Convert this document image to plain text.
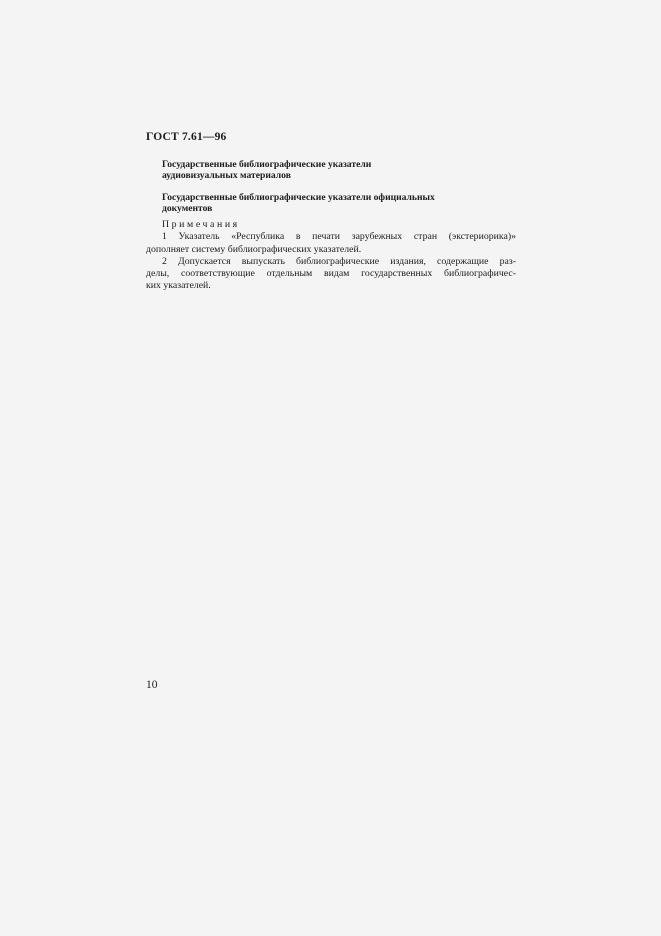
ГОСТ 7.61—96
Государственные библиографические указатели
аудиовизуальных материалов
Государственные библиографические указатели официальных
документов
Примечания
1 Указатель «Республика в печати зарубежных стран (экстериорика)»
дополняет систему библиографических указателей.
2 Допускается выпускать библиографические издания, содержащие раз-
делы, соответствующие отдельным видам государственных библиографичес-
ких указателей.
10
